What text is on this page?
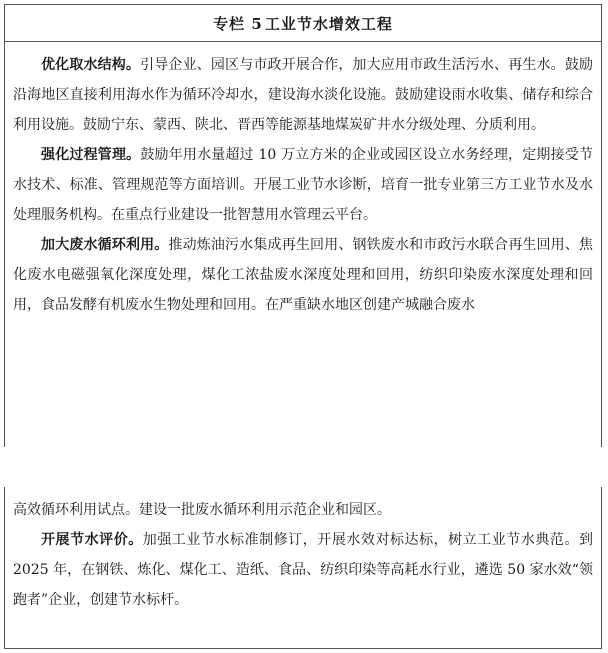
专栏 5 工业节水增效工程

优化取水结构。引导企业、园区与市政开展合作，加大应用市政生活污水、再生水。鼓励沿海地区直接利用海水作为循环冷却水，建设海水淡化设施。鼓励建设雨水收集、储存和综合利用设施。鼓励宁东、蒙西、陕北、晋西等能源基地煤炭矿井水分级处理、分质利用。

强化过程管理。鼓励年用水量超过 10 万立方米的企业或园区设立水务经理，定期接受节水技术、标准、管理规范等方面培训。开展工业节水诊断，培育一批专业第三方工业节水及水处理服务机构。在重点行业建设一批智慧用水管理云平台。

加大废水循环利用。推动炼油污水集成再生回用、钢铁废水和市政污水联合再生回用、焦化废水电磁强氧化深度处理，煤化工浓盐废水深度处理和回用，纺织印染废水深度处理和回用，食品发酵有机废水生物处理和回用。在严重缺水地区创建产城融合废水

高效循环利用试点。建设一批废水循环利用示范企业和园区。

开展节水评价。加强工业节水标准制修订，开展水效对标达标，树立工业节水典范。到 2025 年，在钢铁、炼化、煤化工、造纸、食品、纺织印染等高耗水行业，遴选 50 家水效“领跑者”企业，创建节水标杆。
